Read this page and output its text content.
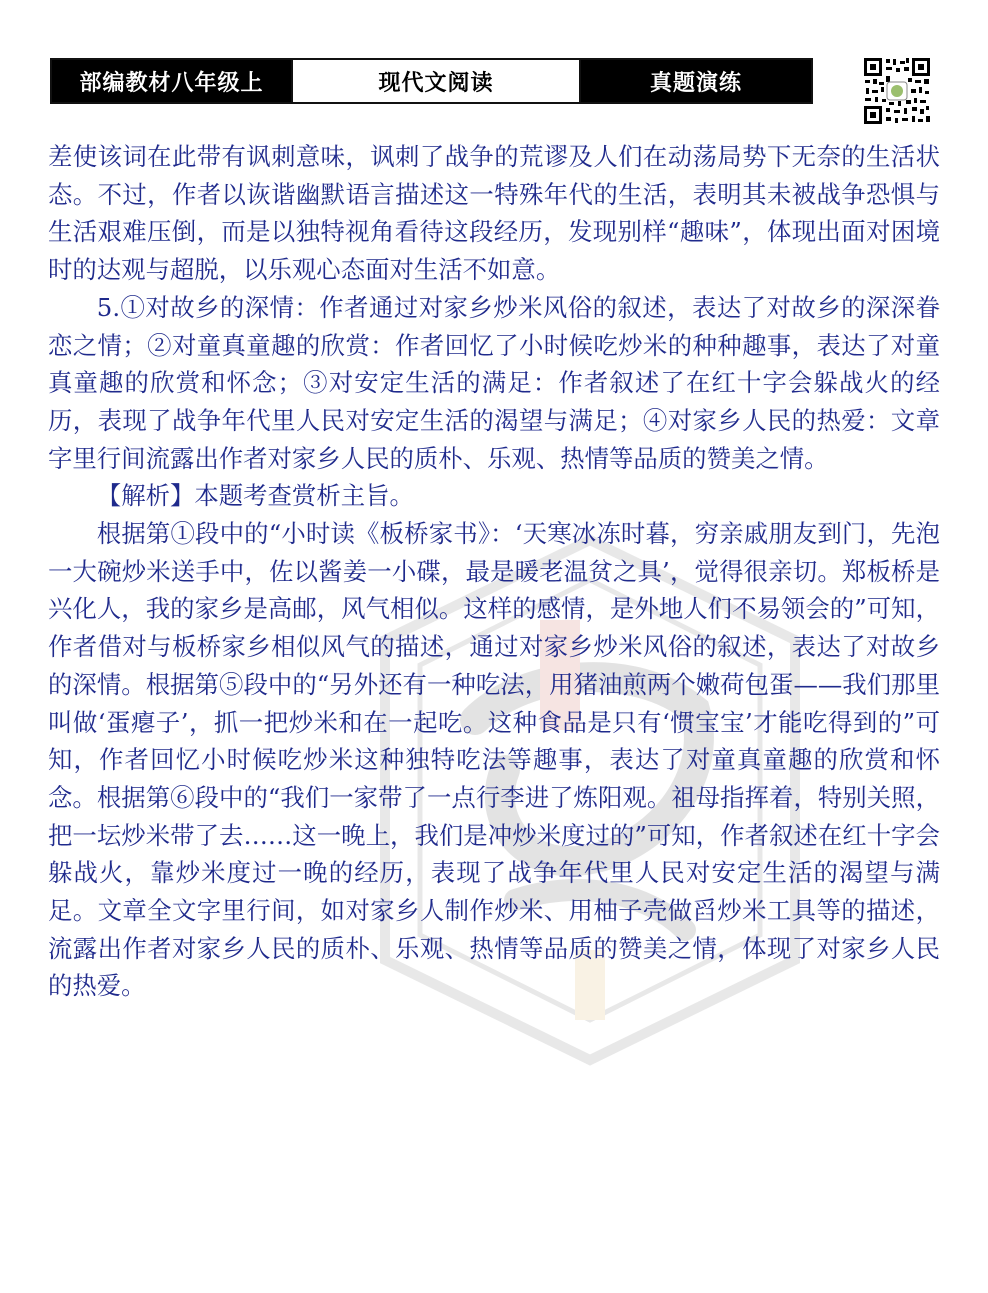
部编教材八年级上	现代文阅读	真题演练

差使该词在此带有讽刺意味，讽刺了战争的荒谬及人们在动荡局势下无奈的生活状态。不过，作者以诙谐幽默语言描述这一特殊年代的生活，表明其未被战争恐惧与生活艰难压倒，而是以独特视角看待这段经历，发现别样“趣味”，体现出面对困境时的达观与超脱，以乐观心态面对生活不如意。

5.①对故乡的深情：作者通过对家乡炒米风俗的叙述，表达了对故乡的深深眷恋之情；②对童真童趣的欣赏：作者回忆了小时候吃炒米的种种趣事，表达了对童真童趣的欣赏和怀念；③对安定生活的满足：作者叙述了在红十字会躲战火的经历，表现了战争年代里人民对安定生活的渴望与满足；④对家乡人民的热爱：文章字里行间流露出作者对家乡人民的质朴、乐观、热情等品质的赞美之情。

【解析】本题考查赏析主旨。

根据第①段中的“小时读《板桥家书》：‘天寒冰冻时暮，穷亲戚朋友到门，先泡一大碗炒米送手中，佐以酱姜一小碟，最是暖老温贫之具’，觉得很亲切。郑板桥是兴化人，我的家乡是高邮，风气相似。这样的感情，是外地人们不易领会的”可知，作者借对与板桥家乡相似风气的描述，通过对家乡炒米风俗的叙述，表达了对故乡的深情。根据第⑤段中的“另外还有一种吃法，用猪油煎两个嫩荷包蛋——我们那里叫做‘蛋瘪子’，抓一把炒米和在一起吃。这种食品是只有‘惯宝宝’才能吃得到的”可知，作者回忆小时候吃炒米这种独特吃法等趣事，表达了对童真童趣的欣赏和怀念。根据第⑥段中的“我们一家带了一点行李进了炼阳观。祖母指挥着，特别关照，把一坛炒米带了去……这一晚上，我们是冲炒米度过的”可知，作者叙述在红十字会躲战火，靠炒米度过一晚的经历，表现了战争年代里人民对安定生活的渴望与满足。文章全文字里行间，如对家乡人制作炒米、用柚子壳做舀炒米工具等的描述，流露出作者对家乡人民的质朴、乐观、热情等品质的赞美之情，体现了对家乡人民的热爱。
